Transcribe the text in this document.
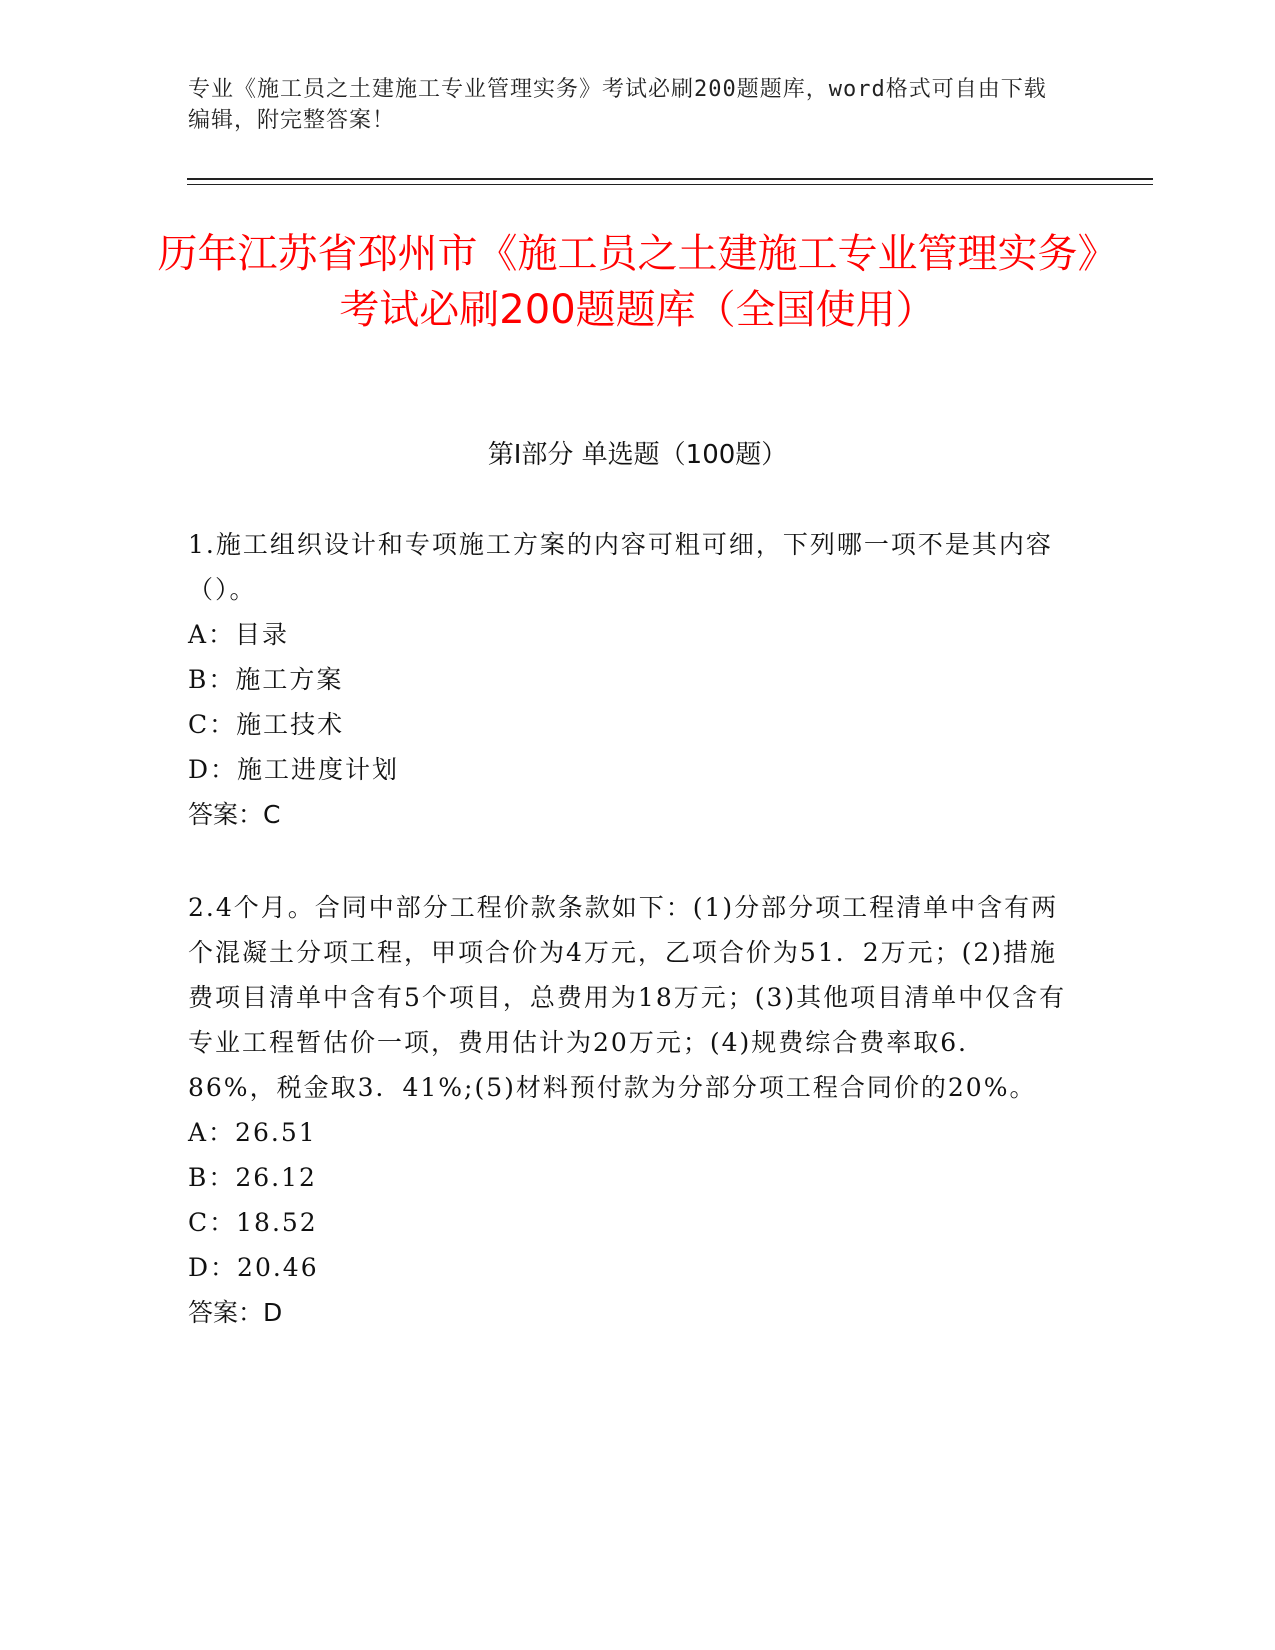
专业《施工员之土建施工专业管理实务》考试必刷200题题库，word格式可自由下载编辑，附完整答案！
历年江苏省邳州市《施工员之土建施工专业管理实务》考试必刷200题题库（全国使用）
第I部分 单选题（100题）

1.施工组织设计和专项施工方案的内容可粗可细，下列哪一项不是其内容（）。

A：目录
B：施工方案
C：施工技术
D：施工进度计划
答案：C

2.4个月。合同中部分工程价款条款如下：(1)分部分项工程清单中含有两个混凝土分项工程，甲项合价为4万元，乙项合价为51．2万元；(2)措施费项目清单中含有5个项目，总费用为18万元；(3)其他项目清单中仅含有专业工程暂估价一项，费用估计为20万元；(4)规费综合费率取6．86%，税金取3．41%;(5)材料预付款为分部分项工程合同价的20%。

A：26.51
B：26.12
C：18.52
D：20.46
答案：D
